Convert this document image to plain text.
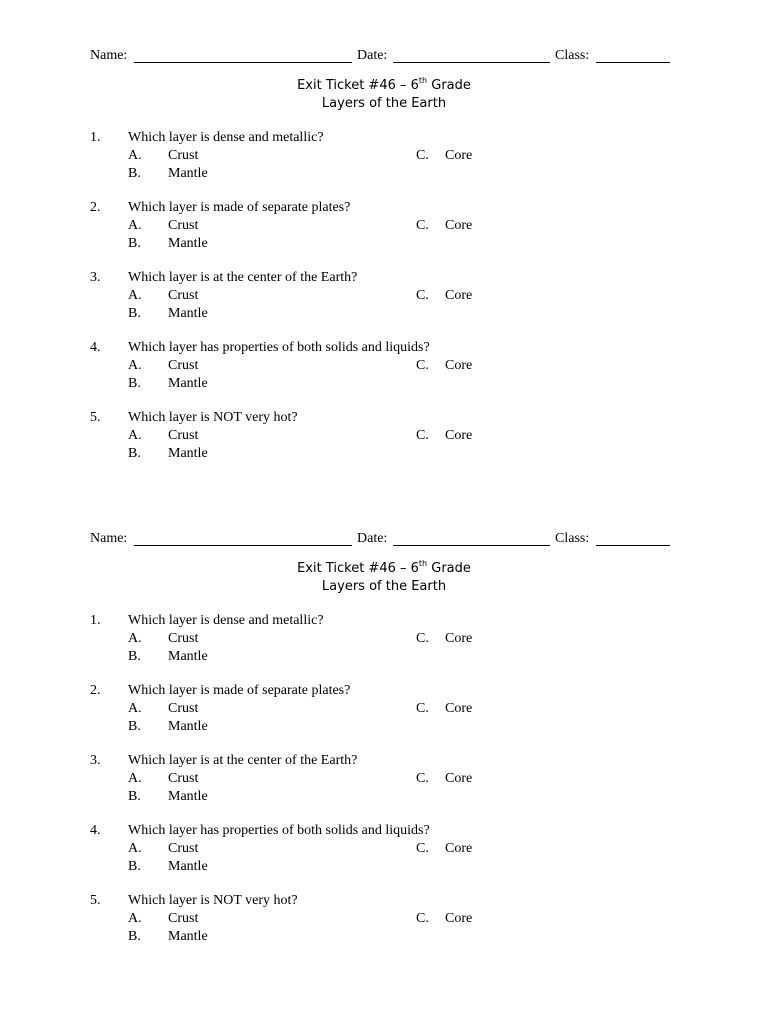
Name:	Date:	Class:
Exit Ticket #46 – 6th Grade
Layers of the Earth
1. Which layer is dense and metallic?
A. Crust
B. Mantle
C. Core
2. Which layer is made of separate plates?
A. Crust
B. Mantle
C. Core
3. Which layer is at the center of the Earth?
A. Crust
B. Mantle
C. Core
4. Which layer has properties of both solids and liquids?
A. Crust
B. Mantle
C. Core
5. Which layer is NOT very hot?
A. Crust
B. Mantle
C. Core
Name:	Date:	Class:
Exit Ticket #46 – 6th Grade
Layers of the Earth
1. Which layer is dense and metallic?
A. Crust
B. Mantle
C. Core
2. Which layer is made of separate plates?
A. Crust
B. Mantle
C. Core
3. Which layer is at the center of the Earth?
A. Crust
B. Mantle
C. Core
4. Which layer has properties of both solids and liquids?
A. Crust
B. Mantle
C. Core
5. Which layer is NOT very hot?
A. Crust
B. Mantle
C. Core
